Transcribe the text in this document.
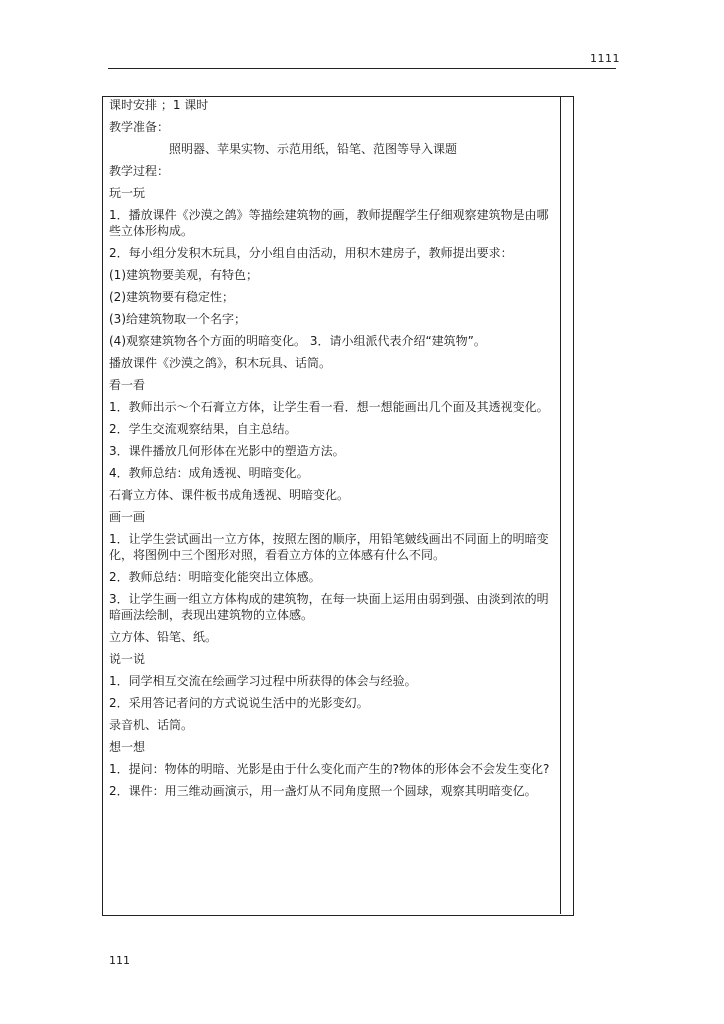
1111

课时安排 ；1 课时

教学准备：

照明器、苹果实物、示范用纸，铅笔、范图等导入课题

教学过程：

玩一玩

1．播放课件《沙漠之鸽》等描绘建筑物的画，教师提醒学生仔细观察建筑物是由哪些立体形构成。

2．每小组分发积木玩具，分小组自由活动，用积木建房子，教师提出要求：

(1)建筑物要美观，有特色；

(2)建筑物要有稳定性；

(3)给建筑物取一个名字；

(4)观察建筑物各个方面的明暗变化。 3．请小组派代表介绍“建筑物”。

播放课件《沙漠之鸽》，积木玩具、话筒。

看一看

1．教师出示～个石膏立方体，让学生看一看．想一想能画出几个面及其透视变化。

2．学生交流观察结果，自主总结。

3．课件播放几何形体在光影中的塑造方法。

4．教师总结：成角透视、明暗变化。

石膏立方体、课件板书成角透视、明暗变化。

画一画

1．让学生尝试画出一立方体，按照左图的顺序，用铅笔皴线画出不同面上的明暗变化，将图例中三个图形对照，看看立方体的立体感有什么不同。

2．教师总结：明暗变化能突出立体感。

3．让学生画一组立方体构成的建筑物，在每一块面上运用由弱到强、由淡到浓的明暗画法绘制，表现出建筑物的立体感。

立方体、铅笔、纸。

说一说

1．同学相互交流在绘画学习过程中所获得的体会与经验。

2．采用答记者问的方式说说生活中的光影变幻。

录音机、话筒。

想一想

1．提问：物体的明暗、光影是由于什么变化而产生的?物体的形体会不会发生变化?

2．课件：用三维动画演示，用一盏灯从不同角度照一个圆球，观察其明暗变亿。

111
